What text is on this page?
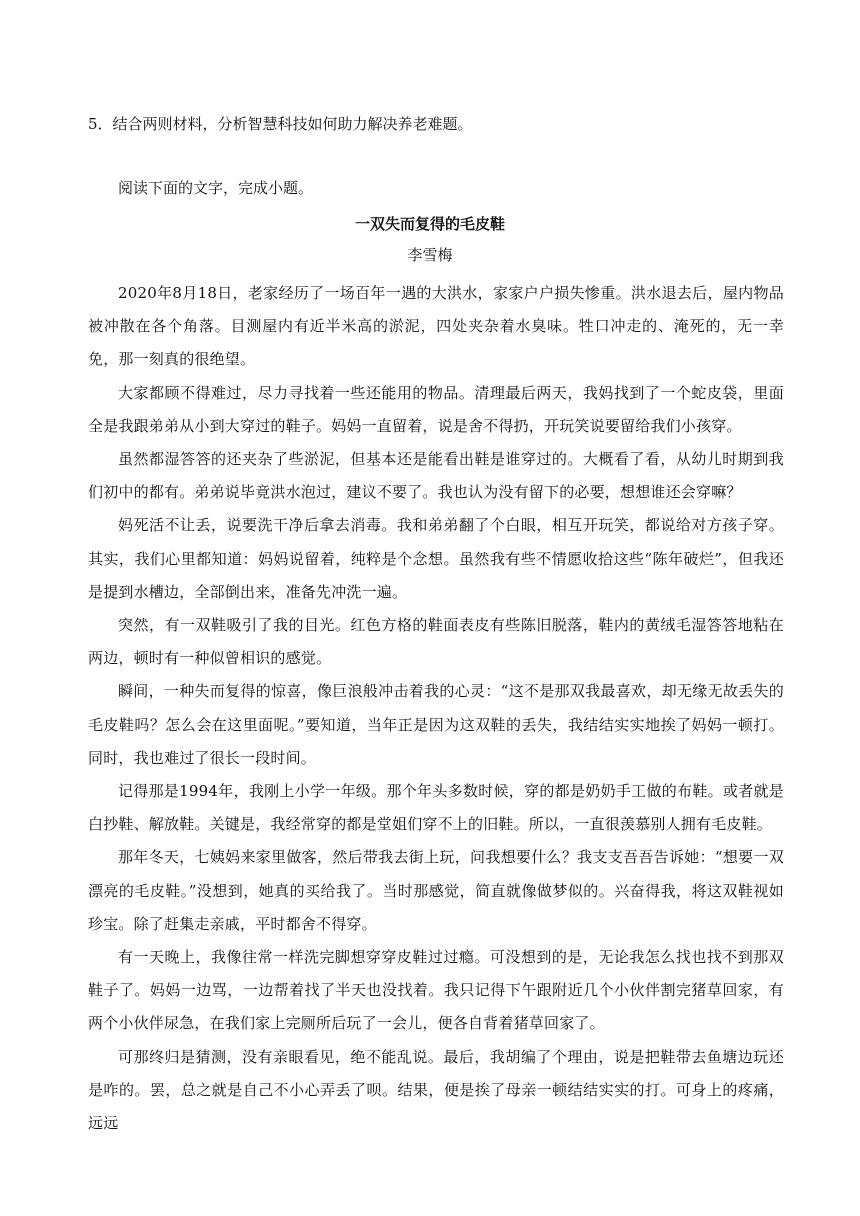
5．结合两则材料，分析智慧科技如何助力解决养老难题。
阅读下面的文字，完成小题。
一双失而复得的毛皮鞋
李雪梅

2020年8月18日，老家经历了一场百年一遇的大洪水，家家户户损失惨重。洪水退去后，屋内物品被冲散在各个角落。目测屋内有近半米高的淤泥，四处夹杂着水臭味。牲口冲走的、淹死的，无一幸免，那一刻真的很绝望。

大家都顾不得难过，尽力寻找着一些还能用的物品。清理最后两天，我妈找到了一个蛇皮袋，里面全是我跟弟弟从小到大穿过的鞋子。妈妈一直留着，说是舍不得扔，开玩笑说要留给我们小孩穿。

虽然都湿答答的还夹杂了些淤泥，但基本还是能看出鞋是谁穿过的。大概看了看，从幼儿时期到我们初中的都有。弟弟说毕竟洪水泡过，建议不要了。我也认为没有留下的必要，想想谁还会穿嘛？

妈死活不让丢，说要洗干净后拿去消毒。我和弟弟翻了个白眼，相互开玩笑，都说给对方孩子穿。其实，我们心里都知道：妈妈说留着，纯粹是个念想。虽然我有些不情愿收拾这些“陈年破烂”，但我还是提到水槽边，全部倒出来，准备先冲洗一遍。

突然，有一双鞋吸引了我的目光。红色方格的鞋面表皮有些陈旧脱落，鞋内的黄绒毛湿答答地粘在两边，顿时有一种似曾相识的感觉。

瞬间，一种失而复得的惊喜，像巨浪般冲击着我的心灵：“这不是那双我最喜欢，却无缘无故丢失的毛皮鞋吗？怎么会在这里面呢。”要知道，当年正是因为这双鞋的丢失，我结结实实地挨了妈妈一顿打。同时，我也难过了很长一段时间。

记得那是1994年，我刚上小学一年级。那个年头多数时候，穿的都是奶奶手工做的布鞋。或者就是白抄鞋、解放鞋。关键是，我经常穿的都是堂姐们穿不上的旧鞋。所以，一直很羡慕别人拥有毛皮鞋。

那年冬天，七姨妈来家里做客，然后带我去街上玩，问我想要什么？我支支吾吾告诉她：“想要一双漂亮的毛皮鞋。”没想到，她真的买给我了。当时那感觉，简直就像做梦似的。兴奋得我，将这双鞋视如珍宝。除了赶集走亲戚，平时都舍不得穿。

有一天晚上，我像往常一样洗完脚想穿穿皮鞋过过瘾。可没想到的是，无论我怎么找也找不到那双鞋子了。妈妈一边骂，一边帮着找了半天也没找着。我只记得下午跟附近几个小伙伴割完猪草回家，有两个小伙伴尿急，在我们家上完厕所后玩了一会儿，便各自背着猪草回家了。

可那终归是猜测，没有亲眼看见，绝不能乱说。最后，我胡编了个理由，说是把鞋带去鱼塘边玩还是咋的。罢，总之就是自己不小心弄丢了呗。结果，便是挨了母亲一顿结结实实的打。可身上的疼痛，远远
